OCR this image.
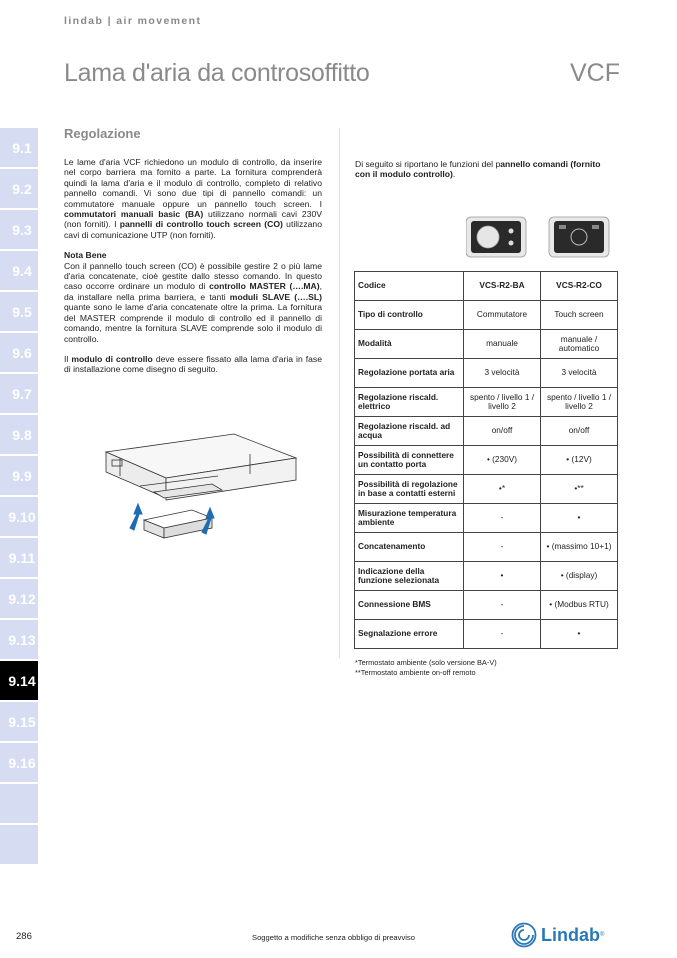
lindab | air movement
Lama d'aria da controsoffitto	VCF
9.1
9.2
9.3
9.4
9.5
9.6
9.7
9.8
9.9
9.10
9.11
9.12
9.13
9.14
9.15
9.16
Regolazione

Le lame d'aria VCF richiedono un modulo di controllo, da inserire nel corpo barriera ma fornito a parte. La fornitura comprenderà quindi la lama d'aria e il modulo di controllo, completo di relativo pannello comandi. Vi sono due tipi di pannello comandi: un commutatore manuale oppure un pannello touch screen. I commutatori manuali basic (BA) utilizzano normali cavi 230V (non forniti). I pannelli di controllo touch screen (CO) utilizzano cavi di comunicazione UTP (non forniti).

Nota Bene
Con il pannello touch screen (CO) è possibile gestire 2 o più lame d'aria concatenate, cioè gestite dallo stesso comando. In questo caso occorre ordinare un modulo di controllo MASTER (….MA), da installare nella prima barriera, e tanti moduli SLAVE (….SL) quante sono le lame d'aria concatenate oltre la prima. La fornitura del MASTER comprende il modulo di controllo ed il pannello di comando, mentre la fornitura SLAVE comprende solo il modulo di controllo.

Il modulo di controllo deve essere fissato alla lama d'aria in fase di installazione come disegno di seguito.

Di seguito si riportano le funzioni del pannello comandi (fornito con il modulo controllo).
Codice	VCS-R2-BA	VCS-R2-CO
Tipo di controllo	Commutatore	Touch screen
Modalità	manuale	manuale / automatico
Regolazione portata aria	3 velocità	3 velocità
Regolazione riscald. elettrico	spento / livello 1 / livello 2	spento / livello 1 / livello 2
Regolazione riscald. ad acqua	on/off	on/off
Possibilità di connettere un contatto porta	• (230V)	• (12V)
Possibilità di regolazione in base a contatti esterni	•*	•**
Misurazione temperatura ambiente	-	•
Concatenamento	-	• (massimo 10+1)
Indicazione della funzione selezionata	•	• (display)
Connessione BMS	-	• (Modbus RTU)
Segnalazione errore	-	•
*Termostato ambiente (solo versione BA-V)
**Termostato ambiente on-off remoto
286	Soggetto a modifiche senza obbligo di preavviso	Lindab ®
